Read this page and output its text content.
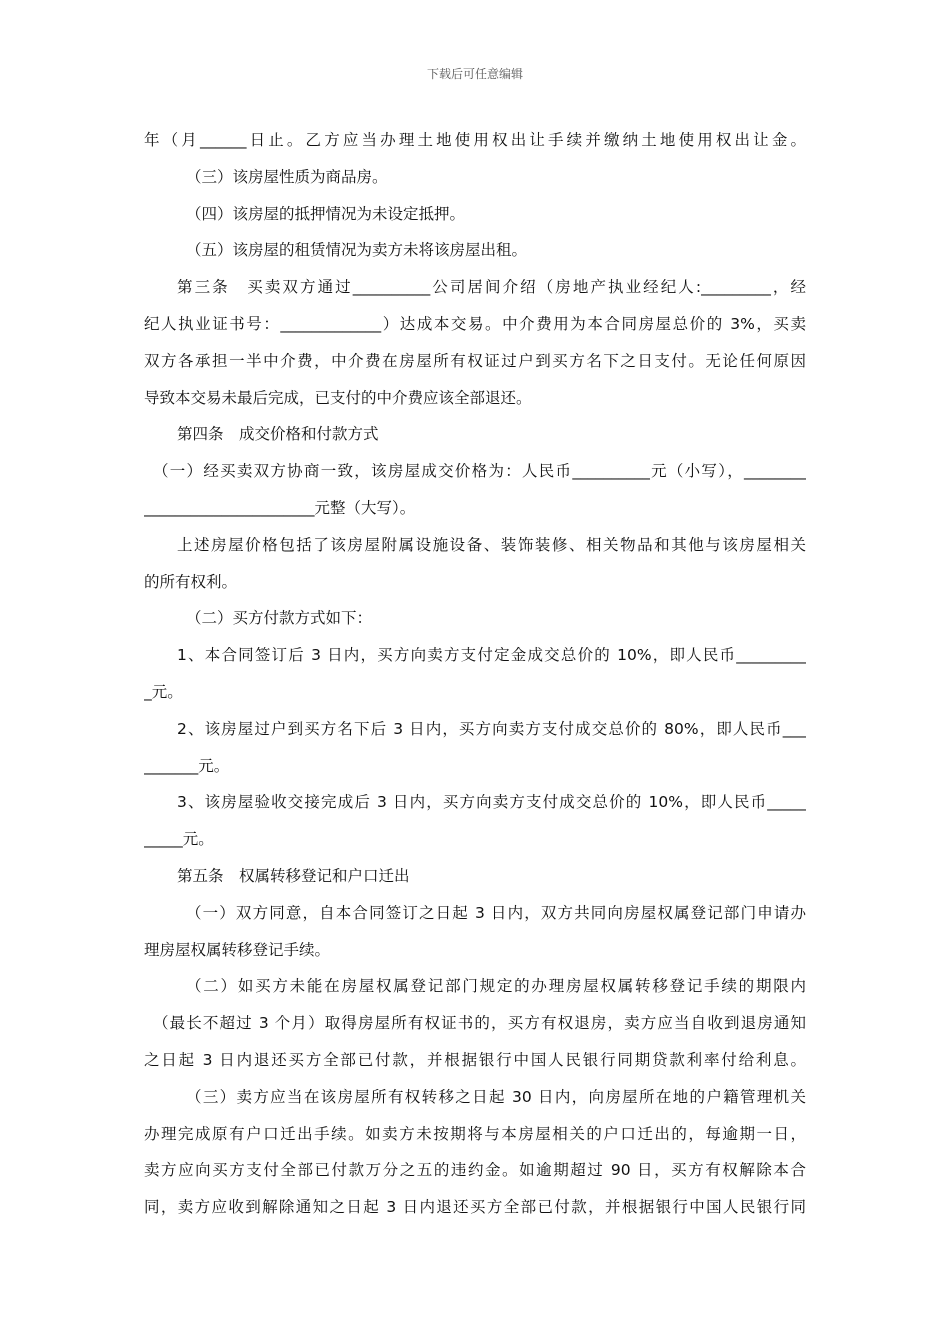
下载后可任意编辑
年（月______日止。乙方应当办理土地使用权出让手续并缴纳土地使用权出让金。
（三）该房屋性质为商品房。
（四）该房屋的抵押情况为未设定抵押。
（五）该房屋的租赁情况为卖方未将该房屋出租。
第三条　买卖双方通过__________公司居间介绍（房地产执业经纪人:_________，经
纪人执业证书号：_____________）达成本交易。中介费用为本合同房屋总价的 3%，买卖
双方各承担一半中介费，中介费在房屋所有权证过户到买方名下之日支付。无论任何原因
导致本交易未最后完成，已支付的中介费应该全部退还。
第四条　成交价格和付款方式
（一）经买卖双方协商一致，该房屋成交价格为：人民币__________元（小写），________
______________________元整（大写）。
上述房屋价格包括了该房屋附属设施设备、装饰装修、相关物品和其他与该房屋相关
的所有权利。
（二）买方付款方式如下：
1、本合同签订后 3 日内，买方向卖方支付定金成交总价的 10%，即人民币_________
_元。
2、该房屋过户到买方名下后 3 日内，买方向卖方支付成交总价的 80%，即人民币___
_______元。
3、该房屋验收交接完成后 3 日内，买方向卖方支付成交总价的 10%，即人民币_____
_____元。
第五条　权属转移登记和户口迁出
（一）双方同意，自本合同签订之日起 3 日内，双方共同向房屋权属登记部门申请办
理房屋权属转移登记手续。
（二）如买方未能在房屋权属登记部门规定的办理房屋权属转移登记手续的期限内
（最长不超过 3 个月）取得房屋所有权证书的，买方有权退房，卖方应当自收到退房通知
之日起 3 日内退还买方全部已付款，并根据银行中国人民银行同期贷款利率付给利息。
（三）卖方应当在该房屋所有权转移之日起 30 日内，向房屋所在地的户籍管理机关
办理完成原有户口迁出手续。如卖方未按期将与本房屋相关的户口迁出的，每逾期一日，
卖方应向买方支付全部已付款万分之五的违约金。如逾期超过 90 日，买方有权解除本合
同，卖方应收到解除通知之日起 3 日内退还买方全部已付款，并根据银行中国人民银行同
